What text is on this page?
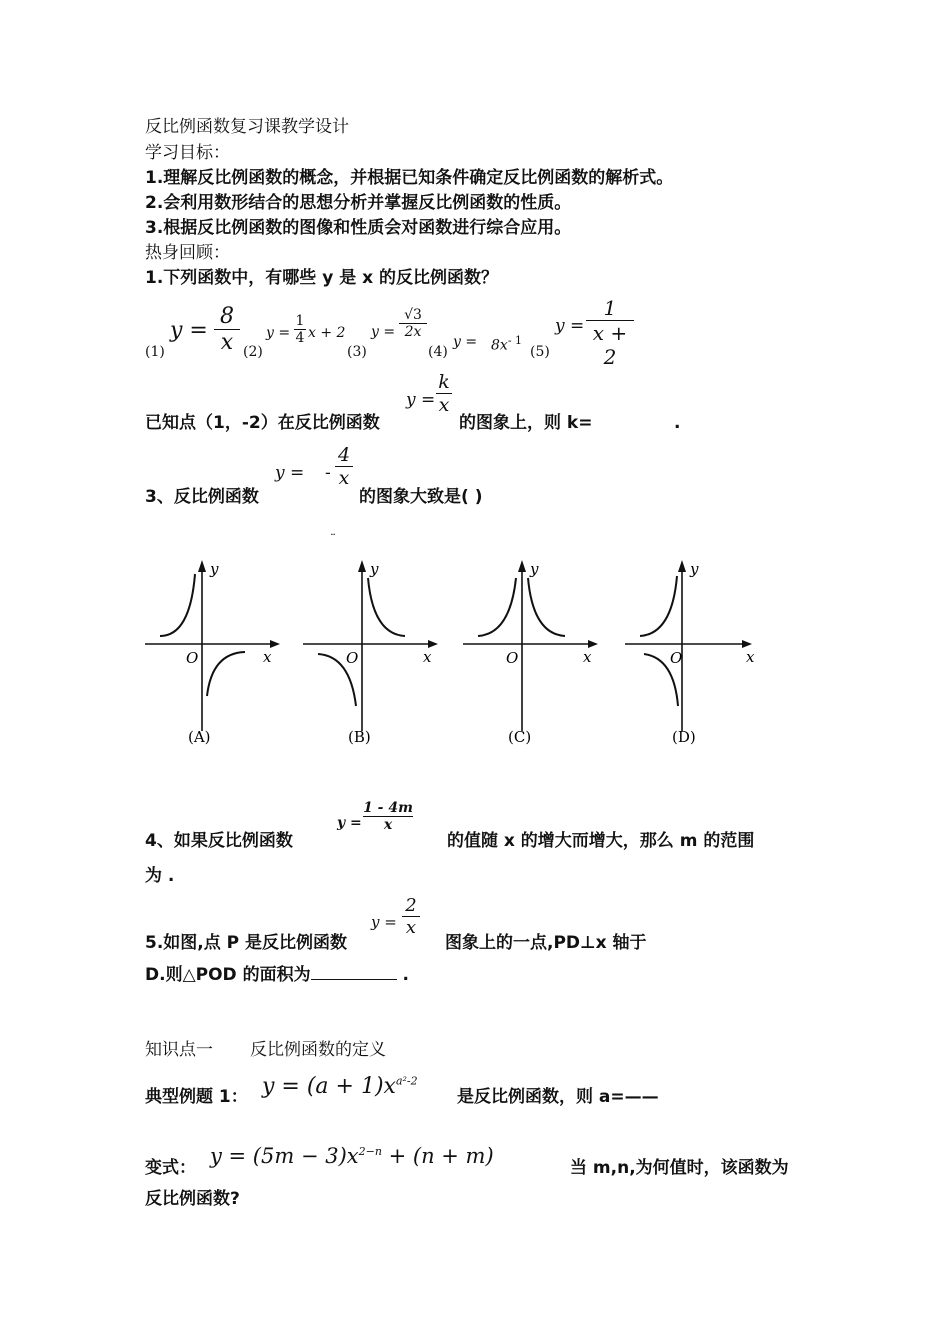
反比例函数复习课教学设计
学习目标：
1.理解反比例函数的概念，并根据已知条件确定反比例函数的解析式。
2.会利用数形结合的思想分析并掌握反比例函数的性质。
3.根据反比例函数的图像和性质会对函数进行综合应用。
热身回顾：
1.下列函数中，有哪些 y 是 x 的反比例函数？
(1)
y =
8
x (2)
y =
1
4 x + 2
(3)
y =
√3
2x
(4)
$y = 8x^{- 1}$
(5)
y =
1
x + 2
已知点（1，-2）在反比例函数
y =
k
x
的图象上，则 k=	.
3、反比例函数
y = -
4
x
的图象大致是( )
¨
y
x
O
(A)
y
x
O
(B)
y
x
O
(C)
y
x
O
(D)
4、如果反比例函数
y =
1 - 4m
x
的值随 x 的增大而增大，那么 m 的范围
为 .
5.如图,点 P 是反比例函数
y =
2
x
图象上的一点,PD⊥x 轴于
D.则△POD 的面积为	.
知识点一 反比例函数的定义
典型例题 1： $y = (a + 1)x^{a^2-2}$
是反比例函数，则 a=——
变式： $y = (5m - 3)x^{2-n} + (n + m)$	当 m,n,为何值时，该函数为
反比例函数?
